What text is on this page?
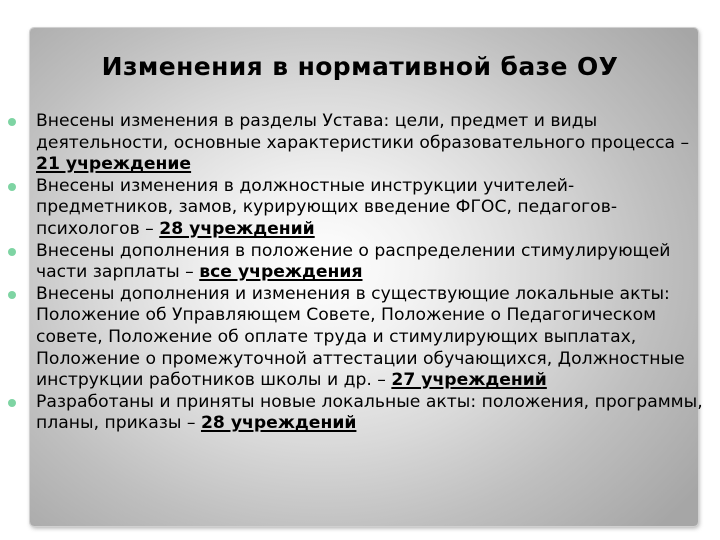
Изменения в нормативной базе ОУ
Внесены изменения в разделы Устава: цели, предмет и виды деятельности, основные характеристики образовательного процесса – 21 учреждение
Внесены изменения в должностные инструкции учителей-
предметников, замов, курирующих введение ФГОС, педагогов-психологов – 28 учреждений
Внесены дополнения в положение о распределении стимулирующей части зарплаты – все учреждения
Внесены дополнения и изменения в существующие локальные акты: Положение об Управляющем Совете, Положение о Педагогическом совете, Положение об оплате труда и стимулирующих выплатах, Положение о промежуточной аттестации обучающихся, Должностные инструкции работников школы и др. – 27 учреждений
Разработаны и приняты новые локальные акты: положения, программы, планы, приказы – 28 учреждений
